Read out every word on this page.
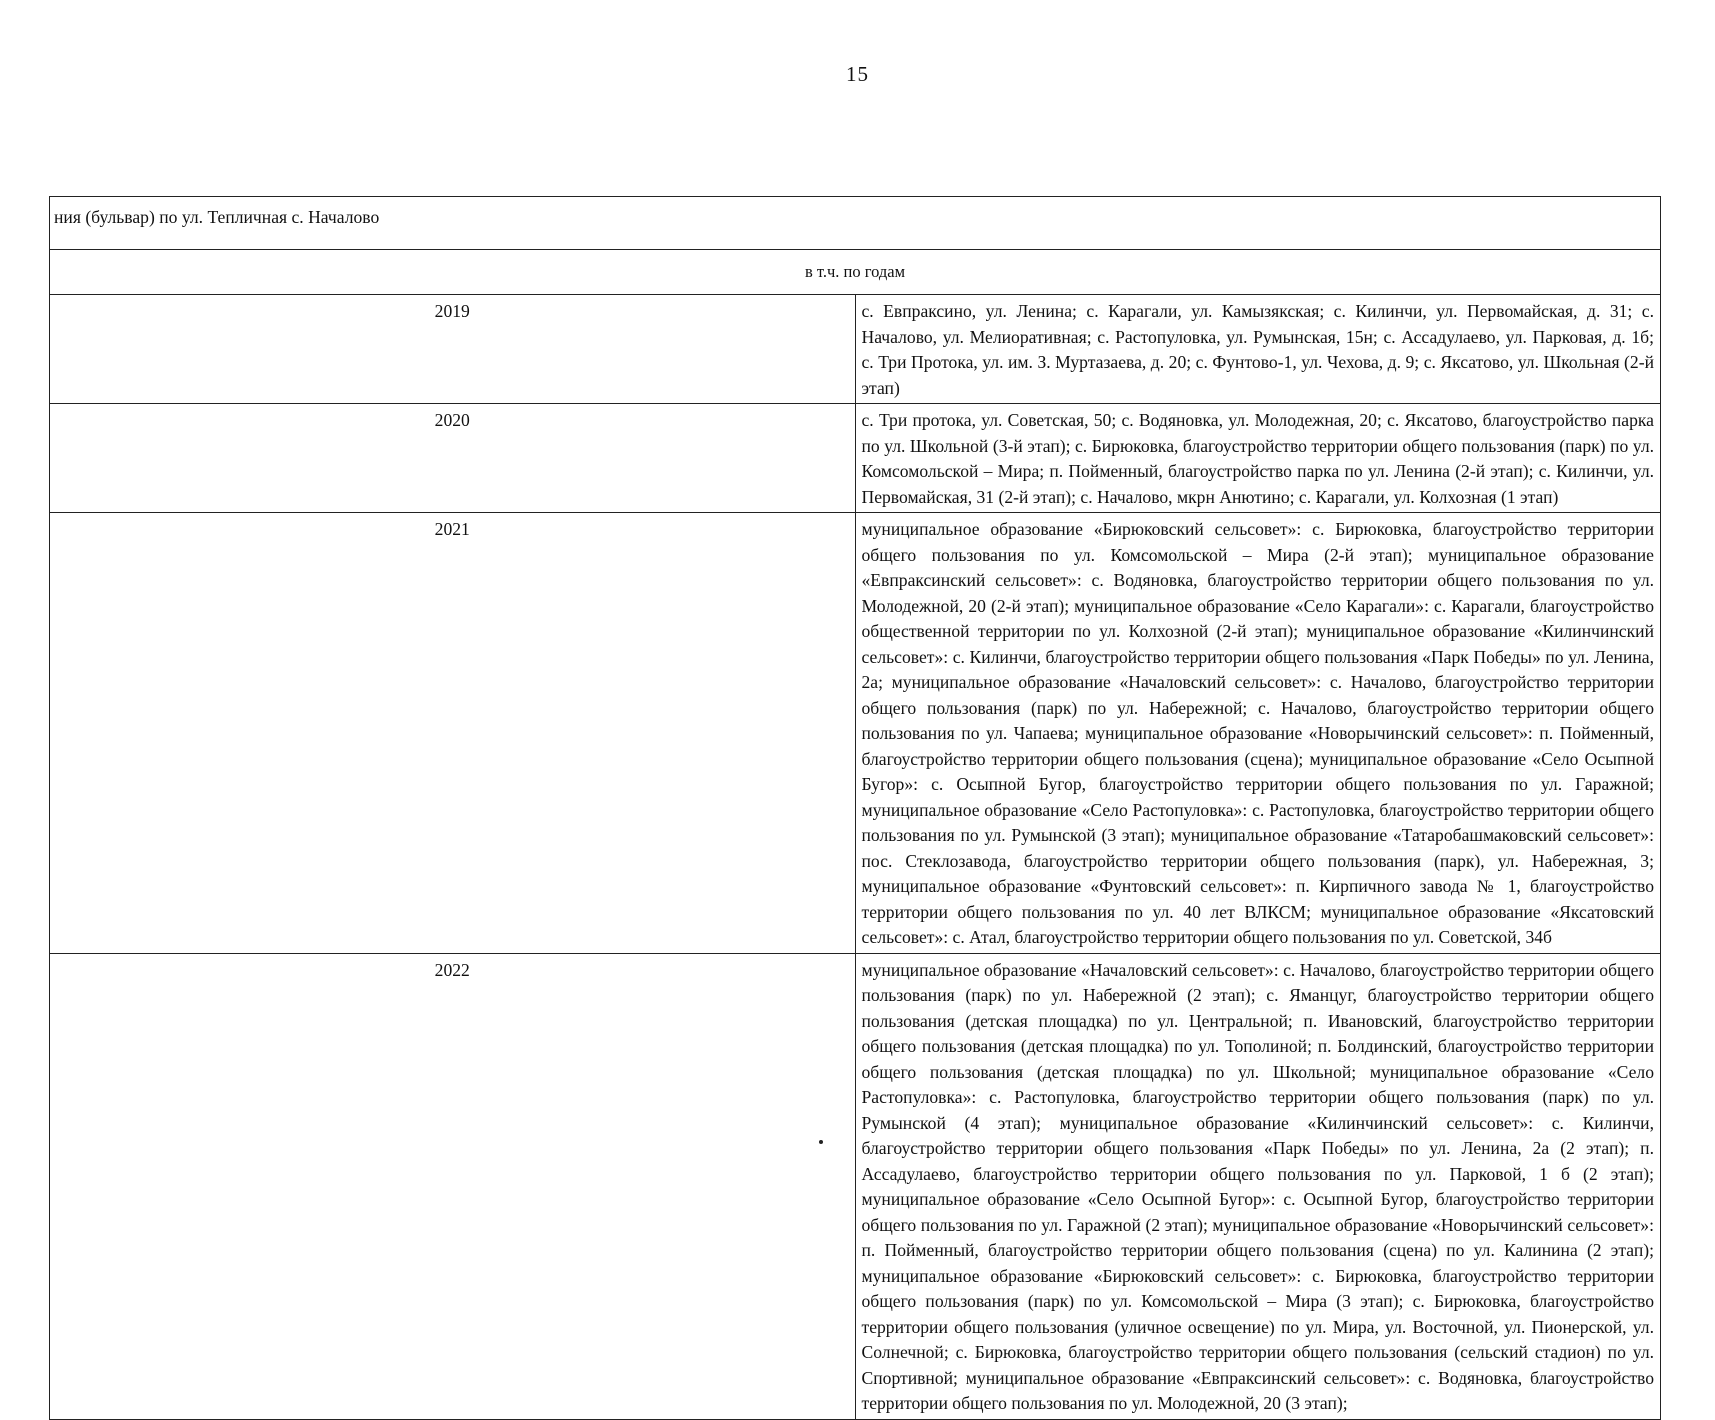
15
ния (бульвар) по ул. Тепличная с. Началово	
в т.ч. по годам	
2019	с. Евпраксино, ул. Ленина; с. Карагали, ул. Камызякская; с. Килинчи, ул. Первомайская, д. 31; с. Началово, ул. Мелиоративная; с. Растопуловка, ул. Румынская, 15н; с. Ассадулаево, ул. Парковая, д. 1б; с. Три Протока, ул. им. З. Муртазаева, д. 20; с. Фунтово-1, ул. Чехова, д. 9; с. Яксатово, ул. Школьная (2-й этап)
2020	с. Три протока, ул. Советская, 50; с. Водяновка, ул. Молодежная, 20; с. Яксатово, благоустройство парка по ул. Школьной (3-й этап); с. Бирюковка, благоустройство территории общего пользования (парк) по ул. Комсомольской – Мира; п. Пойменный, благоустройство парка по ул. Ленина (2-й этап); с. Килинчи, ул. Первомайская, 31 (2-й этап); с. Началово, мкрн Анютино; с. Карагали, ул. Колхозная (1 этап)
2021	муниципальное образование «Бирюковский сельсовет»: с. Бирюковка, благоустройство территории общего пользования по ул. Комсомольской – Мира (2-й этап); муниципальное образование «Евпраксинский сельсовет»: с. Водяновка, благоустройство территории общего пользования по ул. Молодежной, 20 (2-й этап); муниципальное образование «Село Карагали»: с. Карагали, благоустройство общественной территории по ул. Колхозной (2-й этап); муниципальное образование «Килинчинский сельсовет»: с. Килинчи, благоустройство территории общего пользования «Парк Победы» по ул. Ленина, 2а; муниципальное образование «Началовский сельсовет»: с. Началово, благоустройство территории общего пользования (парк) по ул. Набережной; с. Началово, благоустройство территории общего пользования по ул. Чапаева; муниципальное образование «Новорычинский сельсовет»: п. Пойменный, благоустройство территории общего пользования (сцена); муниципальное образование «Село Осыпной Бугор»: с. Осыпной Бугор, благоустройство территории общего пользования по ул. Гаражной; муниципальное образование «Село Растопуловка»: с. Растопуловка, благоустройство территории общего пользования по ул. Румынской (3 этап); муниципальное образование «Татаробашмаковский сельсовет»: пос. Стеклозавода, благоустройство территории общего пользования (парк), ул. Набережная, 3; муниципальное образование «Фунтовский сельсовет»: п. Кирпичного завода № 1, благоустройство территории общего пользования по ул. 40 лет ВЛКСМ; муниципальное образование «Яксатовский сельсовет»: с. Атал, благоустройство территории общего пользования по ул. Советской, 34б
2022	муниципальное образование «Началовский сельсовет»: с. Началово, благоустройство территории общего пользования (парк) по ул. Набережной (2 этап); с. Яманцуг, благоустройство территории общего пользования (детская площадка) по ул. Центральной; п. Ивановский, благоустройство территории общего пользования (детская площадка) по ул. Тополиной; п. Болдинский, благоустройство территории общего пользования (детская площадка) по ул. Школьной; муниципальное образование «Село Растопуловка»: с. Растопуловка, благоустройство территории общего пользования (парк) по ул. Румынской (4 этап); муниципальное образование «Килинчинский сельсовет»: с. Килинчи, благоустройство территории общего пользования «Парк Победы» по ул. Ленина, 2а (2 этап); п. Ассадулаево, благоустройство территории общего пользования по ул. Парковой, 1 б (2 этап); муниципальное образование «Село Осыпной Бугор»: с. Осыпной Бугор, благоустройство территории общего пользования по ул. Гаражной (2 этап); муниципальное образование «Новорычинский сельсовет»: п. Пойменный, благоустройство территории общего пользования (сцена) по ул. Калинина (2 этап); муниципальное образование «Бирюковский сельсовет»: с. Бирюковка, благоустройство территории общего пользования (парк) по ул. Комсомольской – Мира (3 этап); с. Бирюковка, благоустройство территории общего пользования (уличное освещение) по ул. Мира, ул. Восточной, ул. Пионерской, ул. Солнечной; с. Бирюковка, благоустройство территории общего пользования (сельский стадион) по ул. Спортивной; муниципальное образование «Евпраксинский сельсовет»: с. Водяновка, благоустройство территории общего пользования по ул. Молодежной, 20 (3 этап);
